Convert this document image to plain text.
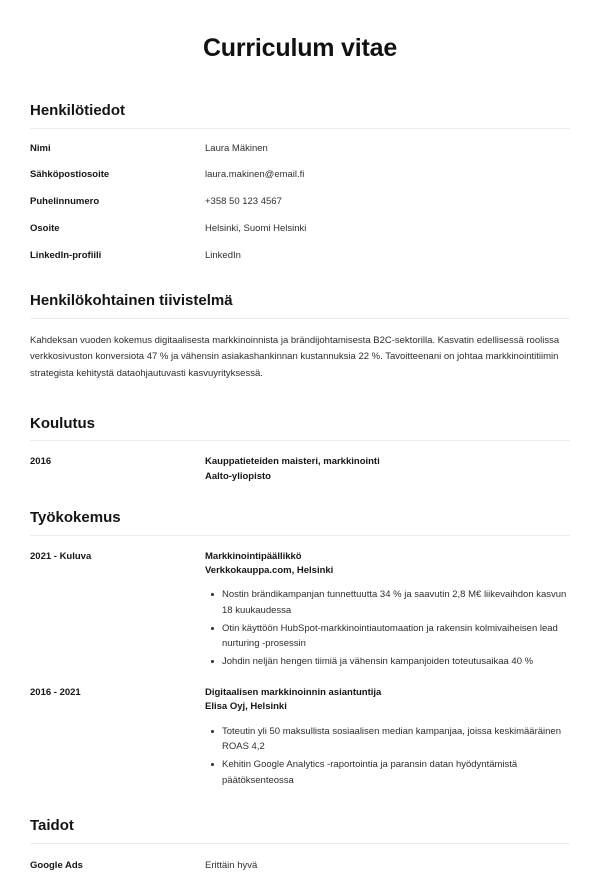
Curriculum vitae
Henkilötiedot
Nimi	Laura Mäkinen
Sähköpostiosoite	laura.makinen@email.fi
Puhelinnumero	+358 50 123 4567
Osoite	Helsinki, Suomi Helsinki
LinkedIn-profiili	LinkedIn
Henkilökohtainen tiivistelmä

Kahdeksan vuoden kokemus digitaalisesta markkinoinnista ja brändijohtamisesta B2C-sektorilla. Kasvatin edellisessä roolissa verkkosivuston konversiota 47 % ja vähensin asiakashankinnan kustannuksia 22 %. Tavoitteenani on johtaa markkinointitiimin strategista kehitystä dataohjautuvasti kasvuyrityksessä.

Koulutus
2016	Kauppatieteiden maisteri, markkinointi
Aalto-yliopisto
Työkokemus
2021 - Kuluva	Markkinointipäällikkö
Verkkokauppa.com, Helsinki
Nostin brändikampanjan tunnettuutta 34 % ja saavutin 2,8 M€ liikevaihdon kasvun 18 kuukaudessa
Otin käyttöön HubSpot-markkinointiautomaation ja rakensin kolmivaiheisen lead nurturing -prosessin
Johdin neljän hengen tiimiä ja vähensin kampanjoiden toteutusaikaa 40 %
2016 - 2021	Digitaalisen markkinoinnin asiantuntija
Elisa Oyj, Helsinki
Toteutin yli 50 maksullista sosiaalisen median kampanjaa, joissa keskimääräinen ROAS 4,2
Kehitin Google Analytics -raportointia ja paransin datan hyödyntämistä päätöksenteossa
Taidot
Google Ads	Erittäin hyvä
